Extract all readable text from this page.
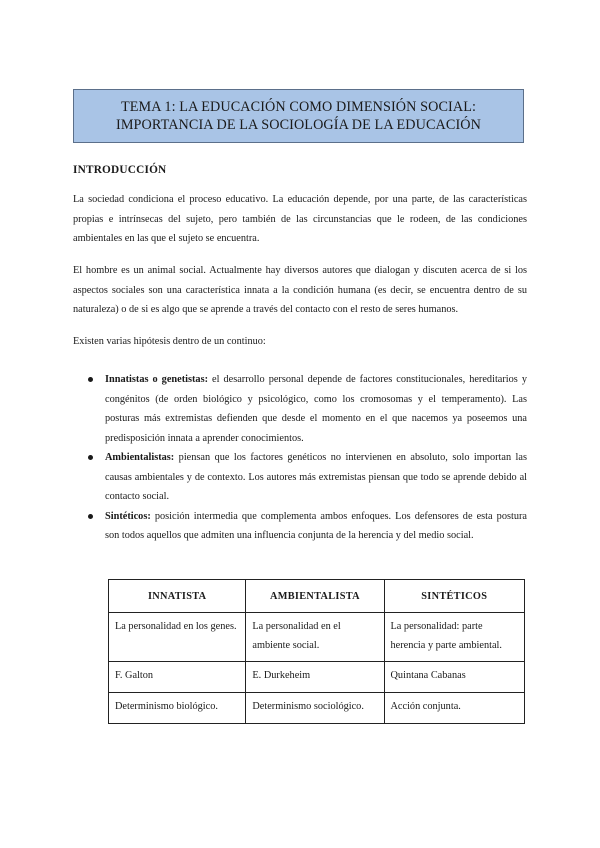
TEMA 1: LA EDUCACIÓN COMO DIMENSIÓN SOCIAL:
IMPORTANCIA DE LA SOCIOLOGÍA DE LA EDUCACIÓN
INTRODUCCIÓN
La sociedad condiciona el proceso educativo. La educación depende, por una parte, de las características propias e intrínsecas del sujeto, pero también de las circunstancias que le rodeen, de las condiciones ambientales en las que el sujeto se encuentra.
El hombre es un animal social. Actualmente hay diversos autores que dialogan y discuten acerca de si los aspectos sociales son una característica innata a la condición humana (es decir, se encuentra dentro de su naturaleza) o de si es algo que se aprende a través del contacto con el resto de seres humanos.
Existen varias hipótesis dentro de un continuo:
Innatistas o genetistas: el desarrollo personal depende de factores constitucionales, hereditarios y congénitos (de orden biológico y psicológico, como los cromosomas y el temperamento). Las posturas más extremistas defienden que desde el momento en el que nacemos ya poseemos una predisposición innata a aprender conocimientos.
Ambientalistas: piensan que los factores genéticos no intervienen en absoluto, solo importan las causas ambientales y de contexto. Los autores más extremistas piensan que todo se aprende debido al contacto social.
Sintéticos: posición intermedia que complementa ambos enfoques. Los defensores de esta postura son todos aquellos que admiten una influencia conjunta de la herencia y del medio social.
INNATISTA	AMBIENTALISTA	SINTÉTICOS
La personalidad en los genes.	La personalidad en el ambiente social.	La personalidad: parte herencia y parte ambiental.
F. Galton	E. Durkeheim	Quintana Cabanas
Determinismo biológico.	Determinismo sociológico.	Acción conjunta.
